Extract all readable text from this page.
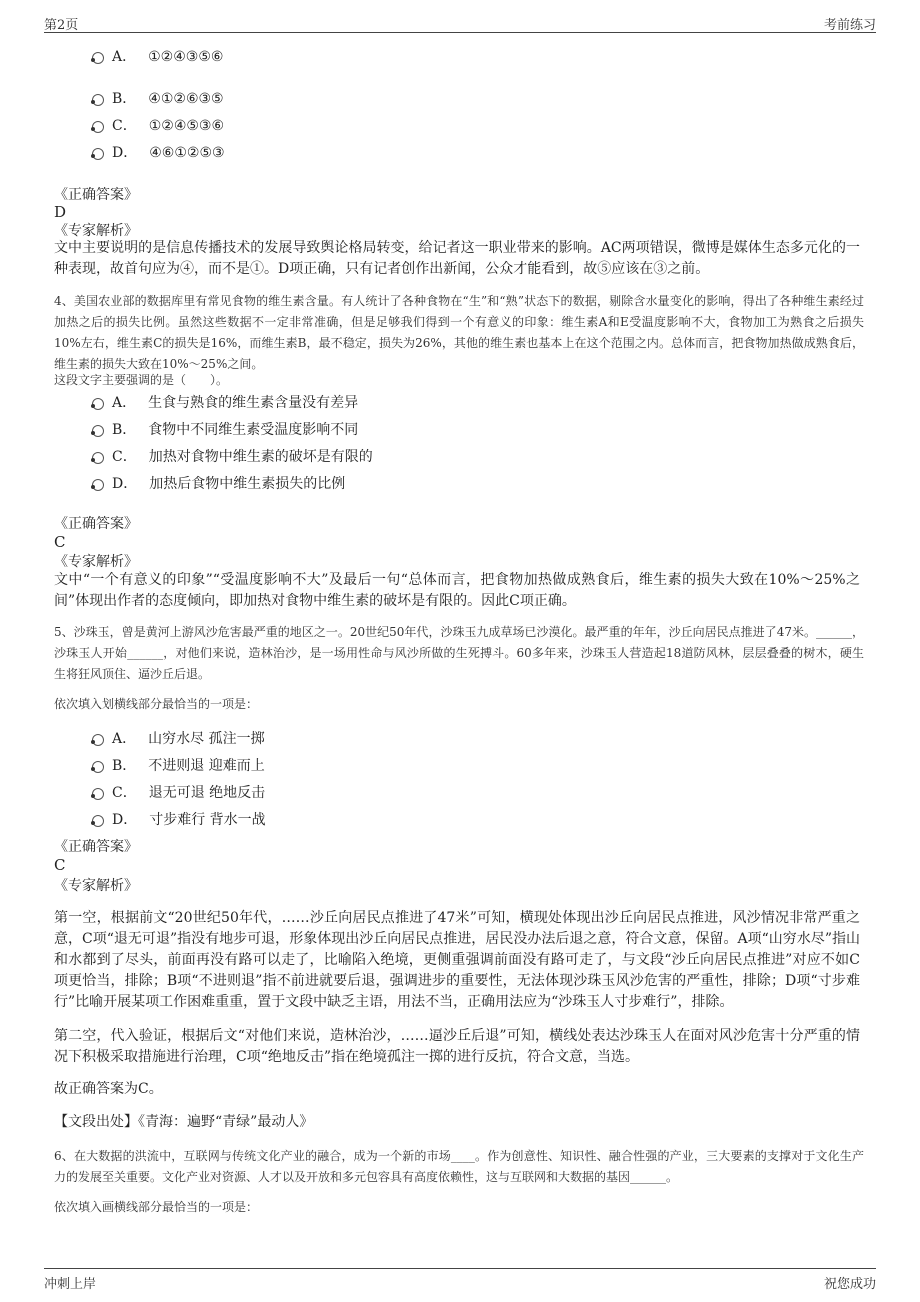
第2页	考前练习
A． ①②④③⑤⑥
B． ④①②⑥③⑤
C． ①②④⑤③⑥
D． ④⑥①②⑤③
《正确答案》
D
《专家解析》
文中主要说明的是信息传播技术的发展导致舆论格局转变，给记者这一职业带来的影响。AC两项错误，微博是媒体生态多元化的一种表现，故首句应为④，而不是①。D项正确，只有记者创作出新闻，公众才能看到，故⑤应该在③之前。
4、美国农业部的数据库里有常见食物的维生素含量。有人统计了各种食物在“生”和“熟”状态下的数据，剔除含水量变化的影响，得出了各种维生素经过加热之后的损失比例。虽然这些数据不一定非常准确，但是足够我们得到一个有意义的印象：维生素A和E受温度影响不大，食物加工为熟食之后损失10%左右，维生素C的损失是16%，而维生素B，最不稳定，损失为26%，其他的维生素也基本上在这个范围之内。总体而言，把食物加热做成熟食后，维生素的损失大致在10%～25%之间。
这段文字主要强调的是（　　）。
A． 生食与熟食的维生素含量没有差异
B． 食物中不同维生素受温度影响不同
C． 加热对食物中维生素的破坏是有限的
D． 加热后食物中维生素损失的比例
《正确答案》
C
《专家解析》
文中“一个有意义的印象”“受温度影响不大”及最后一句“总体而言，把食物加热做成熟食后，维生素的损失大致在10%～25%之间”体现出作者的态度倾向，即加热对食物中维生素的破坏是有限的。因此C项正确。
5、沙珠玉，曾是黄河上游风沙危害最严重的地区之一。20世纪50年代，沙珠玉九成草场已沙漠化。最严重的年年，沙丘向居民点推进了47米。______，沙珠玉人开始______，对他们来说，造林治沙，是一场用性命与风沙所做的生死搏斗。60多年来，沙珠玉人营造起18道防风林，层层叠叠的树木，硬生生将狂风顶住、逼沙丘后退。
依次填入划横线部分最恰当的一项是：
A． 山穷水尽 孤注一掷
B． 不进则退 迎难而上
C． 退无可退 绝地反击
D． 寸步难行 背水一战
《正确答案》
C
《专家解析》
第一空，根据前文“20世纪50年代，……沙丘向居民点推进了47米”可知，横现处体现出沙丘向居民点推进，风沙情况非常严重之意，C项“退无可退”指没有地步可退，形象体现出沙丘向居民点推进，居民没办法后退之意，符合文意，保留。A项“山穷水尽”指山和水都到了尽头，前面再没有路可以走了，比喻陷入绝境，更侧重强调前面没有路可走了，与文段“沙丘向居民点推进”对应不如C项更恰当，排除；B项“不进则退”指不前进就要后退，强调进步的重要性，无法体现沙珠玉风沙危害的严重性，排除；D项“寸步难行”比喻开展某项工作困难重重，置于文段中缺乏主语，用法不当，正确用法应为“沙珠玉人寸步难行”，排除。
第二空，代入验证，根据后文“对他们来说，造林治沙，……逼沙丘后退”可知，横线处表达沙珠玉人在面对风沙危害十分严重的情况下积极采取措施进行治理，C项“绝地反击”指在绝境孤注一掷的进行反抗，符合文意，当选。
故正确答案为C。
【文段出处】《青海：遍野“青绿”最动人》
6、在大数据的洪流中，互联网与传统文化产业的融合，成为一个新的市场____。作为创意性、知识性、融合性强的产业，三大要素的支撑对于文化生产力的发展至关重要。文化产业对资源、人才以及开放和多元包容具有高度依赖性，这与互联网和大数据的基因______。
依次填入画横线部分最恰当的一项是：
冲刺上岸	祝您成功
